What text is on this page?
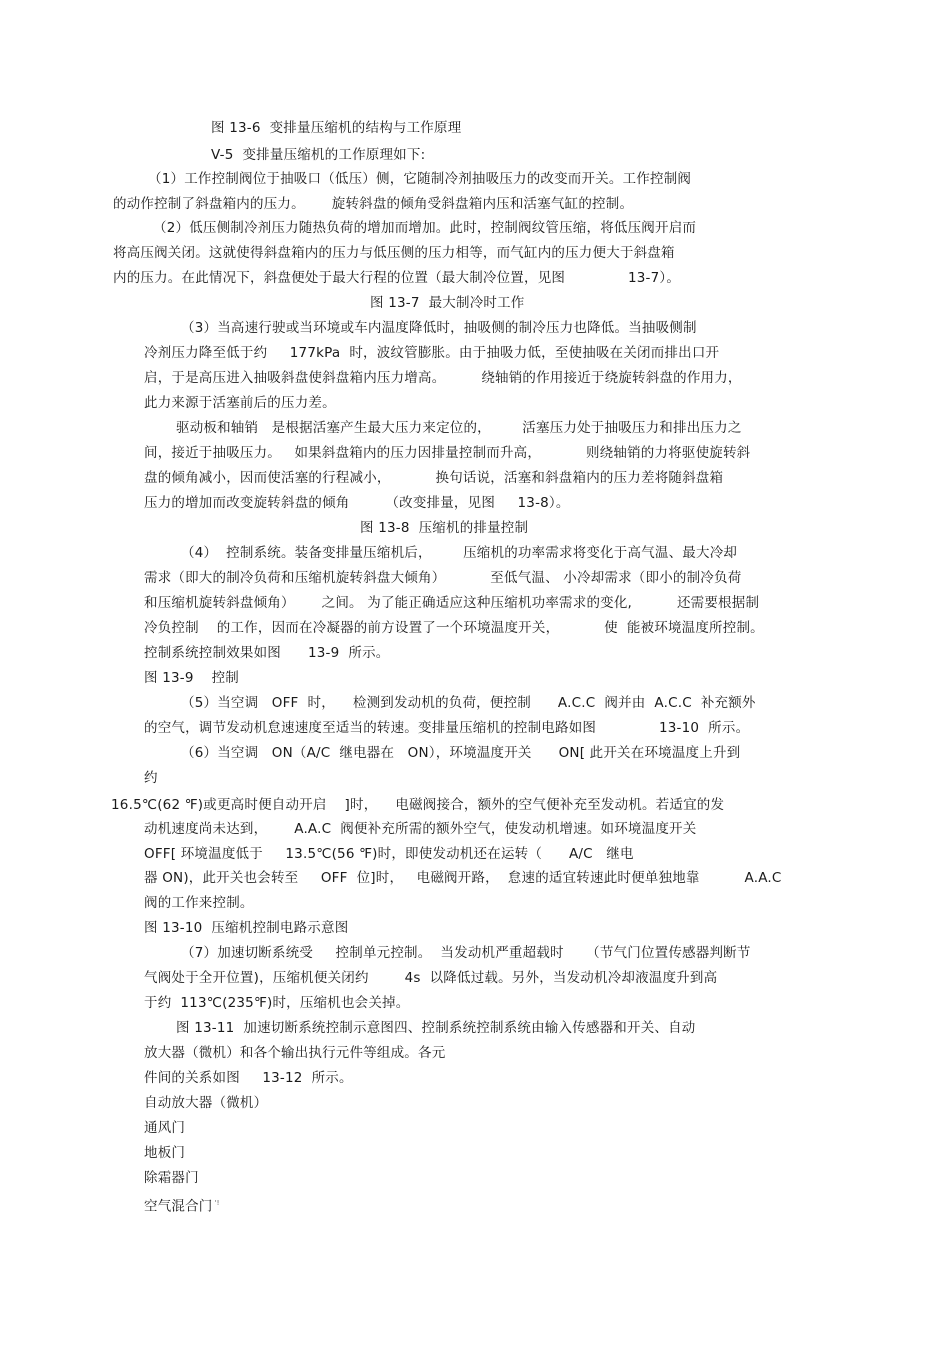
图 13-6  变排量压缩机的结构与工作原理
V-5  变排量压缩机的工作原理如下:
（1）工作控制阀位于抽吸口（低压）侧，它随制冷剂抽吸压力的改变而开关。工作控制阀
的动作控制了斜盘箱内的压力。      旋转斜盘的倾角受斜盘箱内压和活塞气缸的控制。
（2）低压侧制冷剂压力随热负荷的增加而增加。此时，控制阀纹管压缩，将低压阀开启而
将高压阀关闭。这就使得斜盘箱内的压力与低压侧的压力相等，而气缸内的压力便大于斜盘箱
内的压力。在此情况下，斜盘便处于最大行程的位置（最大制冷位置，见图              13-7）。
图 13-7  最大制冷时工作
（3）当高速行驶或当环境或车内温度降低时，抽吸侧的制冷压力也降低。当抽吸侧制
冷剂压力降至低于约     177kPa  时，波纹管膨胀。由于抽吸力低，至使抽吸在关闭而排出口开
启，于是高压进入抽吸斜盘使斜盘箱内压力增高。        绕轴销的作用接近于绕旋转斜盘的作用力，
此力来源于活塞前后的压力差。
驱动板和轴销   是根据活塞产生最大压力来定位的，       活塞压力处于抽吸压力和排出压力之
间，接近于抽吸压力。   如果斜盘箱内的压力因排量控制而升高，          则绕轴销的力将驱使旋转斜
盘的倾角减小，因而使活塞的行程减小，          换句话说，活塞和斜盘箱内的压力差将随斜盘箱
压力的增加而改变旋转斜盘的倾角        （改变排量，见图     13-8）。
图 13-8  压缩机的排量控制
（4）  控制系统。装备变排量压缩机后，       压缩机的功率需求将变化于高气温、最大冷却
需求（即大的制冷负荷和压缩机旋转斜盘大倾角）          至低气温、 小冷却需求（即小的制冷负荷
和压缩机旋转斜盘倾角）      之间。 为了能正确适应这种压缩机功率需求的变化,          还需要根据制
冷负控制    的工作，因而在冷凝器的前方设置了一个环境温度开关，          使  能被环境温度所控制。
控制系统控制效果如图      13-9  所示。
图 13-9    控制
（5）当空调   OFF  时，    检测到发动机的负荷，便控制      A.C.C  阀并由  A.C.C  补充额外
的空气，调节发动机怠速速度至适当的转速。变排量压缩机的控制电路如图              13-10  所示。
（6）当空调   ON（A/C  继电器在   ON），环境温度开关      ON[ 此开关在环境温度上升到
约
16.5℃(62 ℉)或更高时便自动开启    ]时，    电磁阀接合，额外的空气便补充至发动机。若适宜的发
动机速度尚未达到，      A.A.C  阀便补充所需的额外空气，使发动机增速。如环境温度开关
OFF[ 环境温度低于     13.5℃(56 ℉)时，即使发动机还在运转（      A/C   继电
器 ON)，此开关也会转至     OFF  位]时，   电磁阀开路，  怠速的适宜转速此时便单独地靠          A.A.C
阀的工作来控制。
图 13-10  压缩机控制电路示意图
（7）加速切断系统受     控制单元控制。  当发动机严重超载时     （节气门位置传感器判断节
气阀处于全开位置)，压缩机便关闭约        4s  以降低过载。另外，当发动机冷却液温度升到高
于约  113℃(235℉)时，压缩机也会关掉。
图 13-11  加速切断系统控制示意图四、控制系统控制系统由输入传感器和开关、自动
放大器（微机）和各个输出执行元件等组成。各元
件间的关系如图     13-12  所示。
自动放大器（微机）
通风门
地板门
除霜器门
空气混合门 '!
